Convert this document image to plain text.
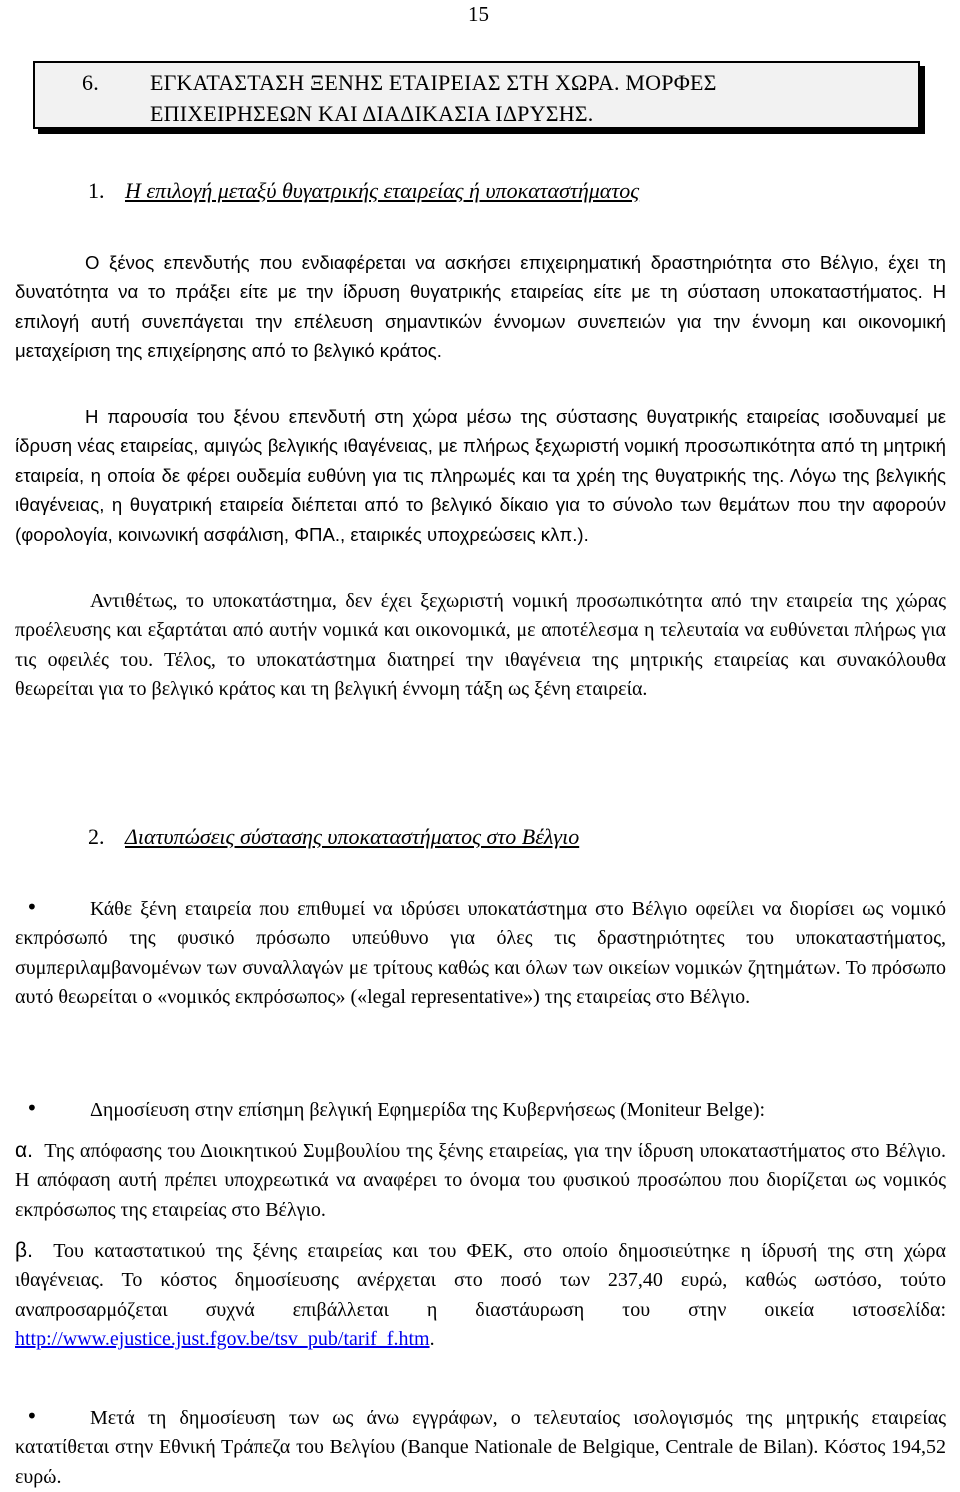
15
6. ΕΓΚΑΤΑΣΤΑΣΗ ΞΕΝΗΣ ΕΤΑΙΡΕΙΑΣ ΣΤΗ ΧΩΡΑ. ΜΟΡΦΕΣ
ΕΠΙΧΕΙΡΗΣΕΩΝ ΚΑΙ ΔΙΑΔΙΚΑΣΙΑ ΙΔΡΥΣΗΣ.
1. Η επιλογή μεταξύ θυγατρικής εταιρείας ή υποκαταστήματος
Ο ξένος επενδυτής που ενδιαφέρεται να ασκήσει επιχειρηματική δραστηριότητα στο Βέλγιο, έχει τη δυνατότητα να το πράξει είτε με την ίδρυση θυγατρικής εταιρείας είτε με τη σύσταση υποκαταστήματος. Η επιλογή αυτή συνεπάγεται την επέλευση σημαντικών έννομων συνεπειών για την έννομη και οικονομική μεταχείριση της επιχείρησης από το βελγικό κράτος.
Η παρουσία του ξένου επενδυτή στη χώρα μέσω της σύστασης θυγατρικής εταιρείας ισοδυναμεί με ίδρυση νέας εταιρείας, αμιγώς βελγικής ιθαγένειας, με πλήρως ξεχωριστή νομική προσωπικότητα από τη μητρική εταιρεία, η οποία δε φέρει ουδεμία ευθύνη για τις πληρωμές και τα χρέη της θυγατρικής της. Λόγω της βελγικής ιθαγένειας, η θυγατρική εταιρεία διέπεται από το βελγικό δίκαιο για το σύνολο των θεμάτων που την αφορούν (φορολογία, κοινωνική ασφάλιση, ΦΠΑ., εταιρικές υποχρεώσεις κλπ.).
Αντιθέτως, το υποκατάστημα, δεν έχει ξεχωριστή νομική προσωπικότητα από την εταιρεία της χώρας προέλευσης και εξαρτάται από αυτήν νομικά και οικονομικά, με αποτέλεσμα η τελευταία να ευθύνεται πλήρως για τις οφειλές του. Τέλος, το υποκατάστημα διατηρεί την ιθαγένεια της μητρικής εταιρείας και συνακόλουθα θεωρείται για το βελγικό κράτος και τη βελγική έννομη τάξη ως ξένη εταιρεία.
2. Διατυπώσεις σύστασης υποκαταστήματος στο Βέλγιο
•	Κάθε ξένη εταιρεία που επιθυμεί να ιδρύσει υποκατάστημα στο Βέλγιο οφείλει να διορίσει ως νομικό εκπρόσωπό της φυσικό πρόσωπο υπεύθυνο για όλες τις δραστηριότητες του υποκαταστήματος, συμπεριλαμβανομένων των συναλλαγών με τρίτους καθώς και όλων των οικείων νομικών ζητημάτων. Το πρόσωπο αυτό θεωρείται ο «νομικός εκπρόσωπος» («legal representative») της εταιρείας στο Βέλγιο.
•	Δημοσίευση στην επίσημη βελγική Εφημερίδα της Κυβερνήσεως (Moniteur Belge):
α. Της απόφασης του Διοικητικού Συμβουλίου της ξένης εταιρείας, για την ίδρυση υποκαταστήματος στο Βέλγιο. Η απόφαση αυτή πρέπει υποχρεωτικά να αναφέρει το όνομα του φυσικού προσώπου που διορίζεται ως νομικός εκπρόσωπος της εταιρείας στο Βέλγιο.
β. Του καταστατικού της ξένης εταιρείας και του ΦΕΚ, στο οποίο δημοσιεύτηκε η ίδρυσή της στη χώρα ιθαγένειας. Το κόστος δημοσίευσης ανέρχεται στο ποσό των 237,40 ευρώ, καθώς ωστόσο, τούτο αναπροσαρμόζεται συχνά επιβάλλεται η διαστάυρωση του στην οικεία ιστοσελίδα: http://www.ejustice.just.fgov.be/tsv_pub/tarif_f.htm.
•	Μετά τη δημοσίευση των ως άνω εγγράφων, ο τελευταίος ισολογισμός της μητρικής εταιρείας κατατίθεται στην Εθνική Τράπεζα του Βελγίου (Banque Nationale de Belgique, Centrale de Bilan). Κόστος 194,52 ευρώ.
